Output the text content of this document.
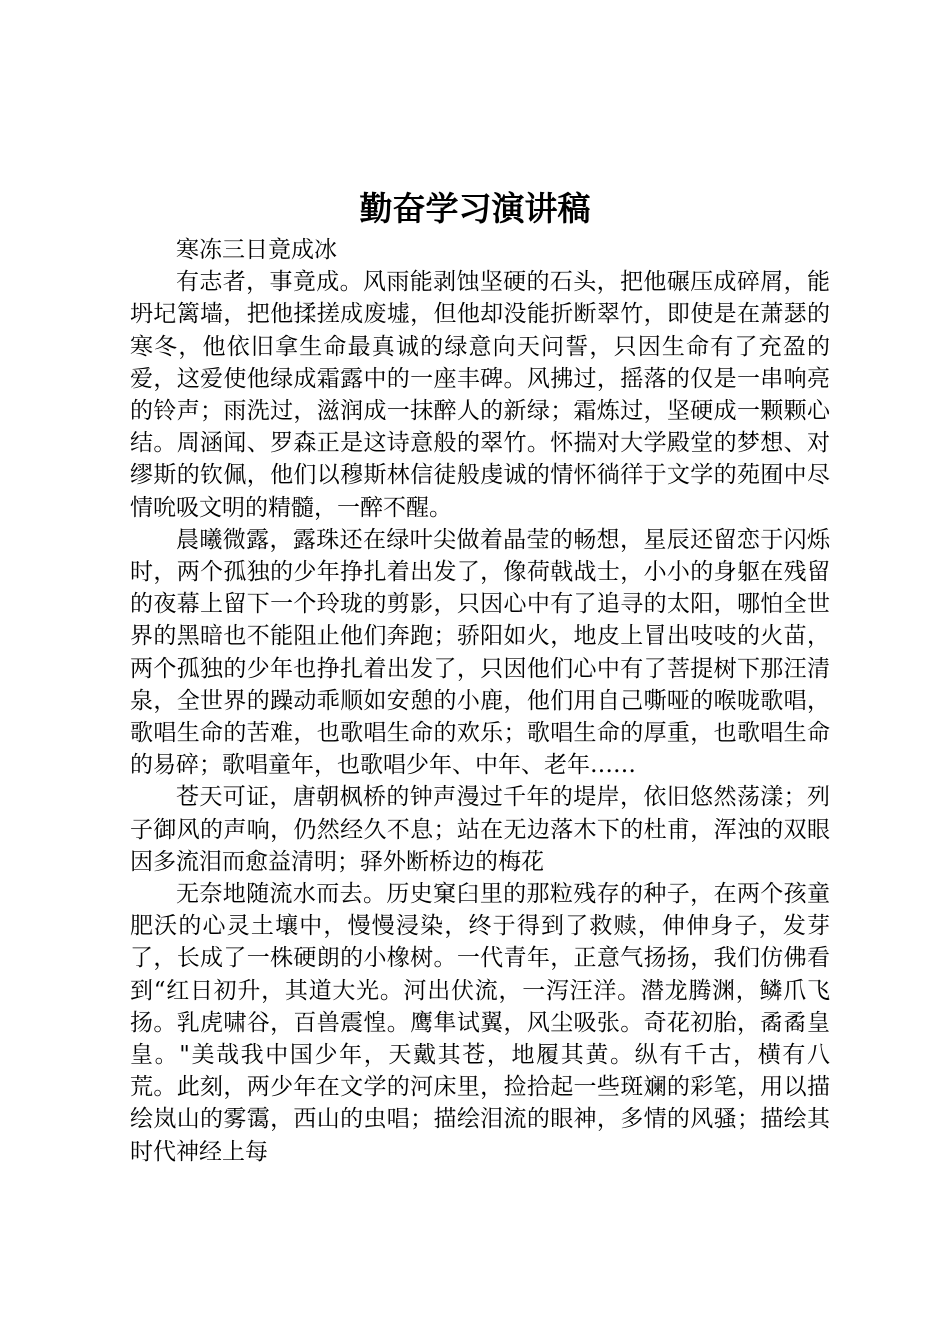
勤奋学习演讲稿

寒冻三日竟成冰

有志者，事竟成。风雨能剥蚀坚硬的石头，把他碾压成碎屑，能坍圮篱墙，把他揉搓成废墟，但他却没能折断翠竹，即使是在萧瑟的寒冬，他依旧拿生命最真诚的绿意向天问誓，只因生命有了充盈的爱，这爱使他绿成霜露中的一座丰碑。风拂过，摇落的仅是一串响亮的铃声；雨洗过，滋润成一抹醉人的新绿；霜炼过，坚硬成一颗颗心结。周涵闻、罗森正是这诗意般的翠竹。怀揣对大学殿堂的梦想、对缪斯的钦佩，他们以穆斯林信徒般虔诚的情怀徜徉于文学的苑囿中尽情吮吸文明的精髓，一醉不醒。

晨曦微露，露珠还在绿叶尖做着晶莹的畅想，星辰还留恋于闪烁时，两个孤独的少年挣扎着出发了，像荷戟战士，小小的身躯在残留的夜幕上留下一个玲珑的剪影，只因心中有了追寻的太阳，哪怕全世界的黑暗也不能阻止他们奔跑；骄阳如火，地皮上冒出吱吱的火苗，两个孤独的少年也挣扎着出发了，只因他们心中有了菩提树下那汪清泉，全世界的躁动乖顺如安憩的小鹿，他们用自己嘶哑的喉咙歌唱，歌唱生命的苦难，也歌唱生命的欢乐；歌唱生命的厚重，也歌唱生命的易碎；歌唱童年，也歌唱少年、中年、老年……

苍天可证，唐朝枫桥的钟声漫过千年的堤岸，依旧悠然荡漾；列子御风的声响，仍然经久不息；站在无边落木下的杜甫，浑浊的双眼因多流泪而愈益清明；驿外断桥边的梅花

无奈地随流水而去。历史窠臼里的那粒残存的种子，在两个孩童肥沃的心灵土壤中，慢慢浸染，终于得到了救赎，伸伸身子，发芽了，长成了一株硬朗的小橡树。一代青年，正意气扬扬，我们仿佛看到“红日初升，其道大光。河出伏流，一泻汪洋。潜龙腾渊，鳞爪飞扬。乳虎啸谷，百兽震惶。鹰隼试翼，风尘吸张。奇花初胎，矞矞皇皇。"美哉我中国少年，天戴其苍，地履其黄。纵有千古，横有八荒。此刻，两少年在文学的河床里，捡拾起一些斑斓的彩笔，用以描绘岚山的雾霭，西山的虫唱；描绘泪流的眼神，多情的风骚；描绘其时代神经上每
